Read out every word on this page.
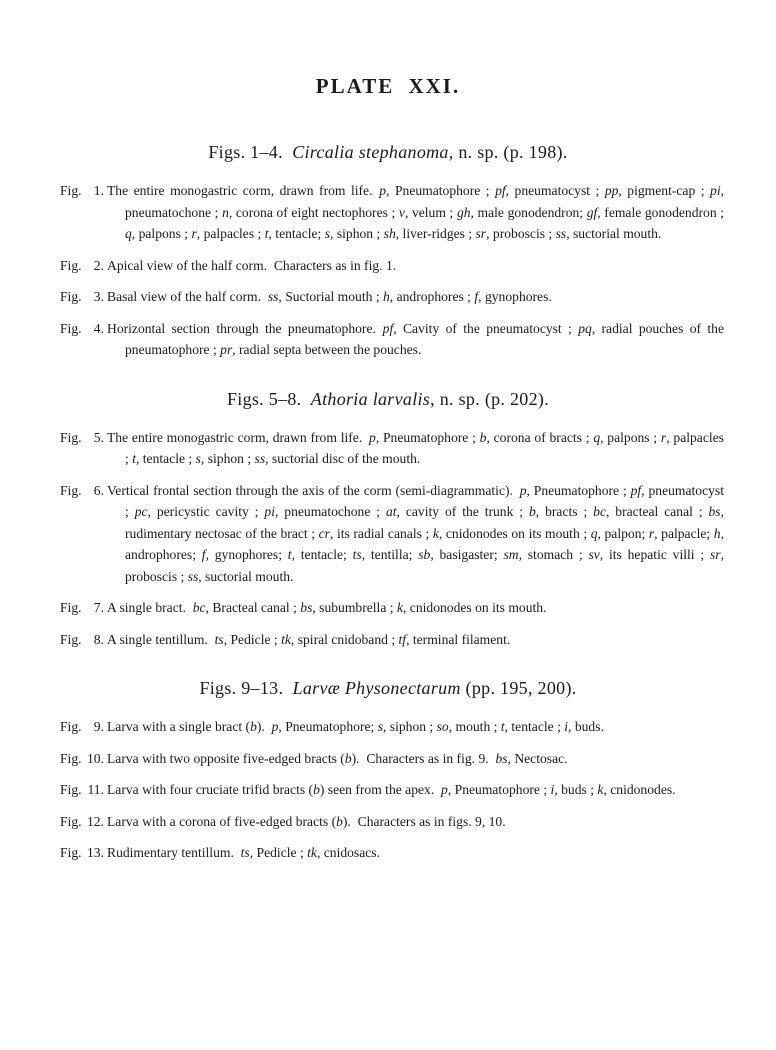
PLATE XXI.
Figs. 1–4. Circalia stephanoma, n. sp. (p. 198).

Fig. 1. The entire monogastric corm, drawn from life. p, Pneumatophore ; pf, pneumatocyst ; pp, pigment-cap ; pi, pneumatochone ; n, corona of eight nectophores ; v, velum ; gh, male gonodendron; gf, female gonodendron ; q, palpons ; r, palpacles ; t, tentacle; s, siphon ; sh, liver-ridges ; sr, proboscis ; ss, suctorial mouth.

Fig. 2. Apical view of the half corm. Characters as in fig. 1.

Fig. 3. Basal view of the half corm. ss, Suctorial mouth ; h, androphores ; f, gynophores.

Fig. 4. Horizontal section through the pneumatophore. pf, Cavity of the pneumatocyst ; pq, radial pouches of the pneumatophore ; pr, radial septa between the pouches.

Figs. 5–8. Athoria larvalis, n. sp. (p. 202).

Fig. 5. The entire monogastric corm, drawn from life. p, Pneumatophore ; b, corona of bracts ; q, palpons ; r, palpacles ; t, tentacle ; s, siphon ; ss, suctorial disc of the mouth.

Fig. 6. Vertical frontal section through the axis of the corm (semi-diagrammatic). p, Pneumatophore ; pf, pneumatocyst ; pc, pericystic cavity ; pi, pneumatochone ; at, cavity of the trunk ; b, bracts ; bc, bracteal canal ; bs, rudimentary nectosac of the bract ; cr, its radial canals ; k, cnidonodes on its mouth ; q, palpon; r, palpacle; h, androphores; f, gynophores; t, tentacle; ts, tentilla; sb, basigaster; sm, stomach ; sv, its hepatic villi ; sr, proboscis ; ss, suctorial mouth.

Fig. 7. A single bract. bc, Bracteal canal ; bs, subumbrella ; k, cnidonodes on its mouth.

Fig. 8. A single tentillum. ts, Pedicle ; tk, spiral cnidoband ; tf, terminal filament.

Figs. 9–13. Larvæ Physonectarum (pp. 195, 200).

Fig. 9. Larva with a single bract (b). p, Pneumatophore; s, siphon ; so, mouth ; t, tentacle ; i, buds.

Fig. 10. Larva with two opposite five-edged bracts (b). Characters as in fig. 9. bs, Nectosac.

Fig. 11. Larva with four cruciate trifid bracts (b) seen from the apex. p, Pneumatophore ; i, buds ; k, cnidonodes.

Fig. 12. Larva with a corona of five-edged bracts (b). Characters as in figs. 9, 10.

Fig. 13. Rudimentary tentillum. ts, Pedicle ; tk, cnidosacs.
